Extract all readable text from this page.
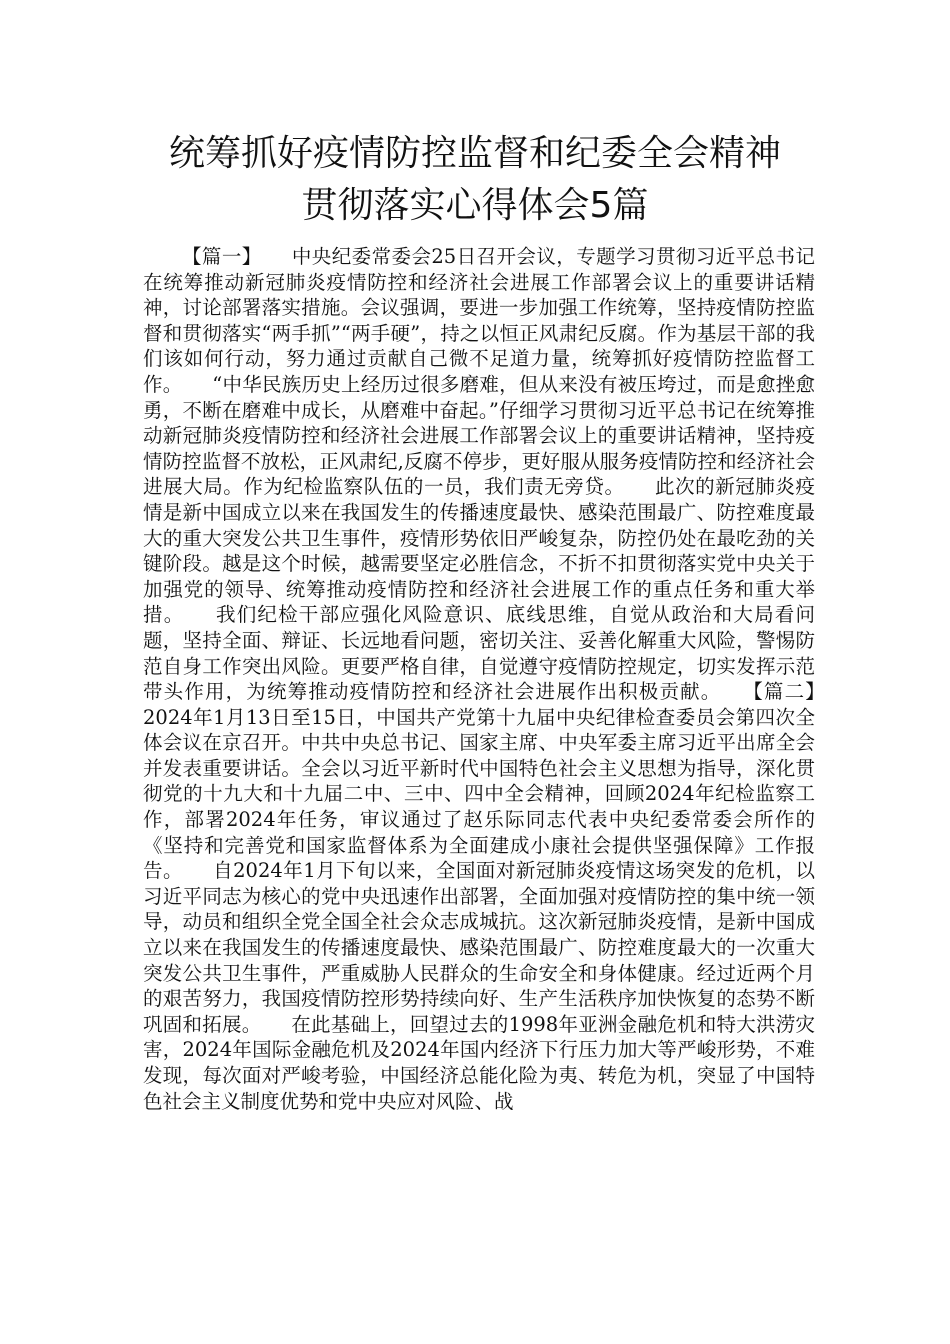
统筹抓好疫情防控监督和纪委全会精神
贯彻落实心得体会5篇

【篇一】　　中央纪委常委会25日召开会议，专题学习贯彻习近平总书记在统筹推动新冠肺炎疫情防控和经济社会进展工作部署会议上的重要讲话精神，讨论部署落实措施。会议强调，要进一步加强工作统筹，坚持疫情防控监督和贯彻落实“两手抓”“两手硬”，持之以恒正风肃纪反腐。作为基层干部的我们该如何行动，努力通过贡献自己微不足道力量，统筹抓好疫情防控监督工作。　　“中华民族历史上经历过很多磨难，但从来没有被压垮过，而是愈挫愈勇，不断在磨难中成长，从磨难中奋起。”仔细学习贯彻习近平总书记在统筹推动新冠肺炎疫情防控和经济社会进展工作部署会议上的重要讲话精神，坚持疫情防控监督不放松，正风肃纪,反腐不停步，更好服从服务疫情防控和经济社会进展大局。作为纪检监察队伍的一员，我们责无旁贷。　　此次的新冠肺炎疫情是新中国成立以来在我国发生的传播速度最快、感染范围最广、防控难度最大的重大突发公共卫生事件，疫情形势依旧严峻复杂，防控仍处在最吃劲的关键阶段。越是这个时候，越需要坚定必胜信念，不折不扣贯彻落实党中央关于加强党的领导、统筹推动疫情防控和经济社会进展工作的重点任务和重大举措。　　我们纪检干部应强化风险意识、底线思维，自觉从政治和大局看问题，坚持全面、辩证、长远地看问题，密切关注、妥善化解重大风险，警惕防范自身工作突出风险。更要严格自律，自觉遵守疫情防控规定，切实发挥示范带头作用，为统筹推动疫情防控和经济社会进展作出积极贡献。　　【篇二】　　2024年1月13日至15日，中国共产党第十九届中央纪律检查委员会第四次全体会议在京召开。中共中央总书记、国家主席、中央军委主席习近平出席全会并发表重要讲话。全会以习近平新时代中国特色社会主义思想为指导，深化贯彻党的十九大和十九届二中、三中、四中全会精神，回顾2024年纪检监察工作，部署2024年任务，审议通过了赵乐际同志代表中央纪委常委会所作的《坚持和完善党和国家监督体系为全面建成小康社会提供坚强保障》工作报告。　　自2024年1月下旬以来，全国面对新冠肺炎疫情这场突发的危机，以习近平同志为核心的党中央迅速作出部署，全面加强对疫情防控的集中统一领导，动员和组织全党全国全社会众志成城抗。这次新冠肺炎疫情，是新中国成立以来在我国发生的传播速度最快、感染范围最广、防控难度最大的一次重大突发公共卫生事件，严重威胁人民群众的生命安全和身体健康。经过近两个月的艰苦努力，我国疫情防控形势持续向好、生产生活秩序加快恢复的态势不断巩固和拓展。　　在此基础上，回望过去的1998年亚洲金融危机和特大洪涝灾害，2024年国际金融危机及2024年国内经济下行压力加大等严峻形势，不难发现，每次面对严峻考验，中国经济总能化险为夷、转危为机，突显了中国特色社会主义制度优势和党中央应对风险、战
